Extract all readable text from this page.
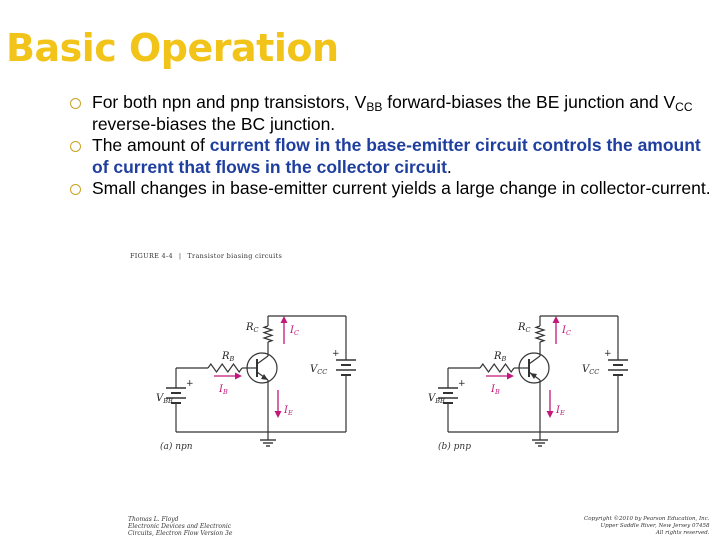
Basic Operation
For both npn and pnp transistors, $V_{BB}$ forward-biases the BE junction and $V_{CC}$ reverse-biases the BC junction.
The amount of current flow in the base-emitter circuit controls the amount of current that flows in the collector circuit.
Small changes in base-emitter current yields a large change in collector-current.
FIGURE 4-4 | Transistor biasing circuits
+
+
$R_C$	$I_C$
$R_B$
$I_B$
$I_E$
$V_{CC}$
$V_{BB}$
(a) npn
+
+
$R_C$	$I_C$
$R_B$
$I_B$
$I_E$
$V_{CC}$
$V_{BB}$
(b) pnp
Thomas L. Floyd
Electronic Devices and Electronic
Circuits, Electron Flow Version 3e
Copyright ©2010 by Pearson Education, Inc.
Upper Saddle River, New Jersey 07458
All rights reserved.
